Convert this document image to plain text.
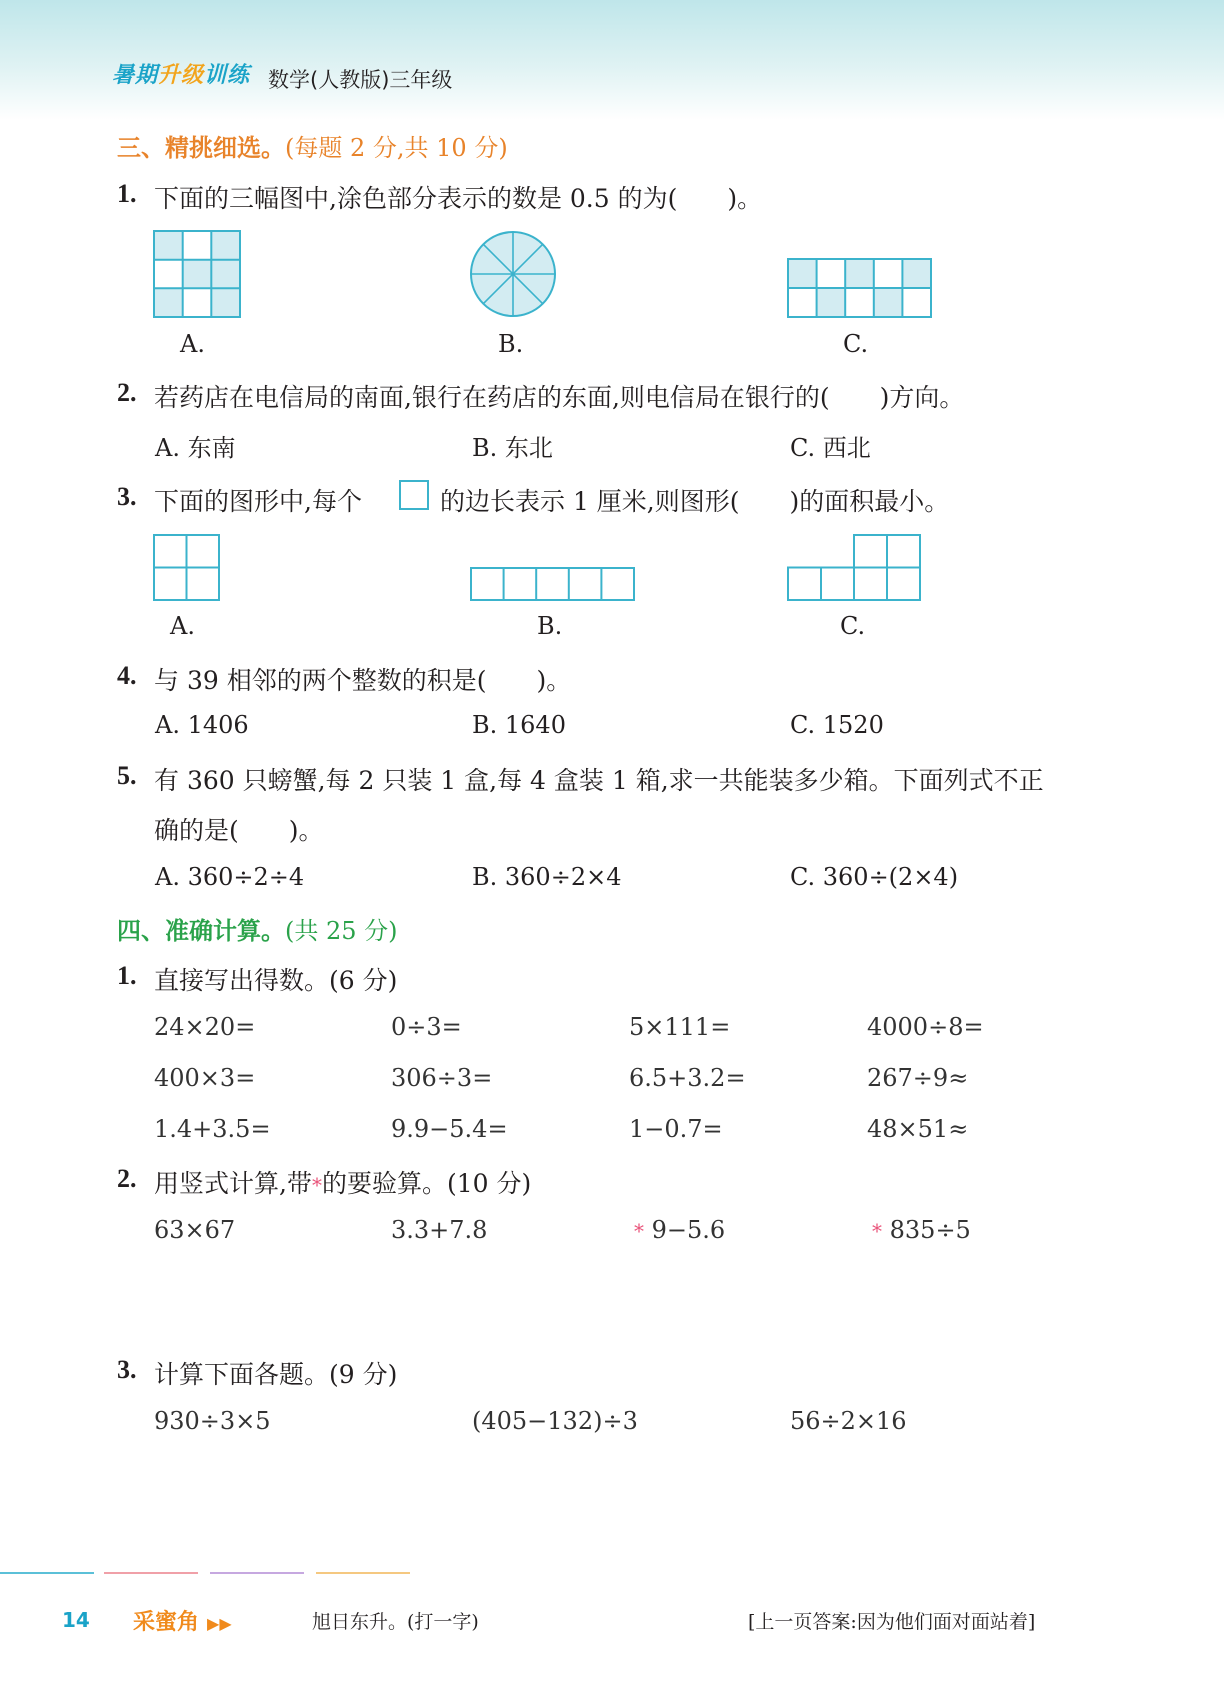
暑期升级训练 数学(人教版)三年级
三、精挑细选。(每题 2 分,共 10 分)
1. 下面的三幅图中,涂色部分表示的数是 0.5 的为(　　)。
A.	B.	C.
2. 若药店在电信局的南面,银行在药店的东面,则电信局在银行的(　　)方向。
A. 东南	B. 东北	C. 西北
3. 下面的图形中,每个	的边长表示 1 厘米,则图形(　　)的面积最小。
A.	B.	C.
4. 与 39 相邻的两个整数的积是(　　)。
A. 1406	B. 1640	C. 1520
5. 有 360 只螃蟹,每 2 只装 1 盒,每 4 盒装 1 箱,求一共能装多少箱。下面列式不正
确的是(　　)。
A. 360÷2÷4	B. 360÷2×4	C. 360÷(2×4)
四、准确计算。(共 25 分)
1. 直接写出得数。(6 分)
24×20=	0÷3=	5×111=	4000÷8=
400×3=	306÷3=	6.5+3.2=	267÷9≈
1.4+3.5=	9.9−5.4=	1−0.7=	48×51≈
2. 用竖式计算,带*的要验算。(10 分)
63×67	3.3+7.8	* 9−5.6	* 835÷5
3. 计算下面各题。(9 分)
930÷3×5	(405−132)÷3	56÷2×16
14 采蜜角 ▶▶	旭日东升。(打一字)	[上一页答案:因为他们面对面站着]
